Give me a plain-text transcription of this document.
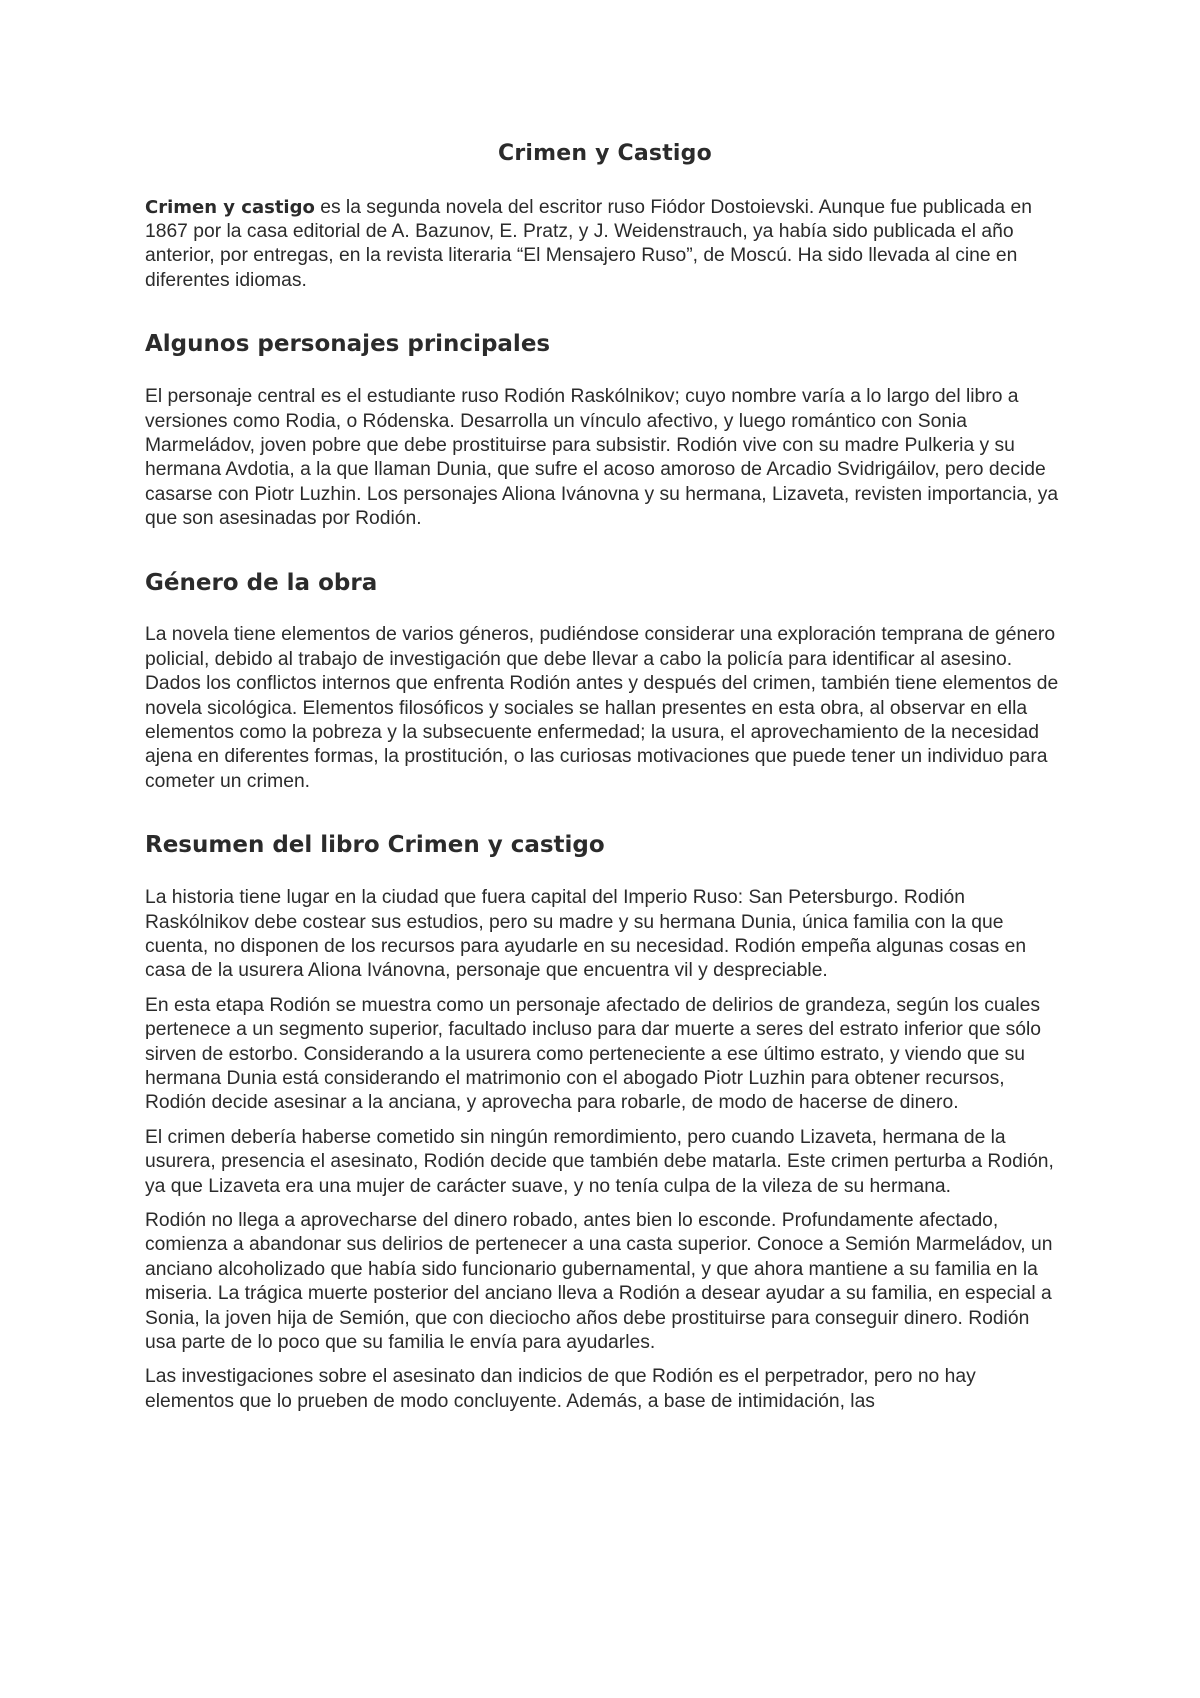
Crimen y Castigo

Crimen y castigo es la segunda novela del escritor ruso Fiódor Dostoievski. Aunque fue publicada en 1867 por la casa editorial de A. Bazunov, E. Pratz, y J. Weidenstrauch, ya había sido publicada el año anterior, por entregas, en la revista literaria “El Mensajero Ruso”, de Moscú. Ha sido llevada al cine en diferentes idiomas.

Algunos personajes principales

El personaje central es el estudiante ruso Rodión Raskólnikov; cuyo nombre varía a lo largo del libro a versiones como Rodia, o Ródenska. Desarrolla un vínculo afectivo, y luego romántico con Sonia Marmeládov, joven pobre que debe prostituirse para subsistir. Rodión vive con su madre Pulkeria y su hermana Avdotia, a la que llaman Dunia, que sufre el acoso amoroso de Arcadio Svidrigáilov, pero decide casarse con Piotr Luzhin. Los personajes Aliona Ivánovna y su hermana, Lizaveta, revisten importancia, ya que son asesinadas por Rodión.

Género de la obra

La novela tiene elementos de varios géneros, pudiéndose considerar una exploración temprana de género policial, debido al trabajo de investigación que debe llevar a cabo la policía para identificar al asesino. Dados los conflictos internos que enfrenta Rodión antes y después del crimen, también tiene elementos de novela sicológica. Elementos filosóficos y sociales se hallan presentes en esta obra, al observar en ella elementos como la pobreza y la subsecuente enfermedad; la usura, el aprovechamiento de la necesidad ajena en diferentes formas, la prostitución, o las curiosas motivaciones que puede tener un individuo para cometer un crimen.

Resumen del libro Crimen y castigo

La historia tiene lugar en la ciudad que fuera capital del Imperio Ruso: San Petersburgo. Rodión Raskólnikov debe costear sus estudios, pero su madre y su hermana Dunia, única familia con la que cuenta, no disponen de los recursos para ayudarle en su necesidad. Rodión empeña algunas cosas en casa de la usurera Aliona Ivánovna, personaje que encuentra vil y despreciable.

En esta etapa Rodión se muestra como un personaje afectado de delirios de grandeza, según los cuales pertenece a un segmento superior, facultado incluso para dar muerte a seres del estrato inferior que sólo sirven de estorbo. Considerando a la usurera como perteneciente a ese último estrato, y viendo que su hermana Dunia está considerando el matrimonio con el abogado Piotr Luzhin para obtener recursos, Rodión decide asesinar a la anciana, y aprovecha para robarle, de modo de hacerse de dinero.

El crimen debería haberse cometido sin ningún remordimiento, pero cuando Lizaveta, hermana de la usurera, presencia el asesinato, Rodión decide que también debe matarla. Este crimen perturba a Rodión, ya que Lizaveta era una mujer de carácter suave, y no tenía culpa de la vileza de su hermana.

Rodión no llega a aprovecharse del dinero robado, antes bien lo esconde. Profundamente afectado, comienza a abandonar sus delirios de pertenecer a una casta superior. Conoce a Semión Marmeládov, un anciano alcoholizado que había sido funcionario gubernamental, y que ahora mantiene a su familia en la miseria. La trágica muerte posterior del anciano lleva a Rodión a desear ayudar a su familia, en especial a Sonia, la joven hija de Semión, que con dieciocho años debe prostituirse para conseguir dinero. Rodión usa parte de lo poco que su familia le envía para ayudarles.

Las investigaciones sobre el asesinato dan indicios de que Rodión es el perpetrador, pero no hay elementos que lo prueben de modo concluyente. Además, a base de intimidación, las
